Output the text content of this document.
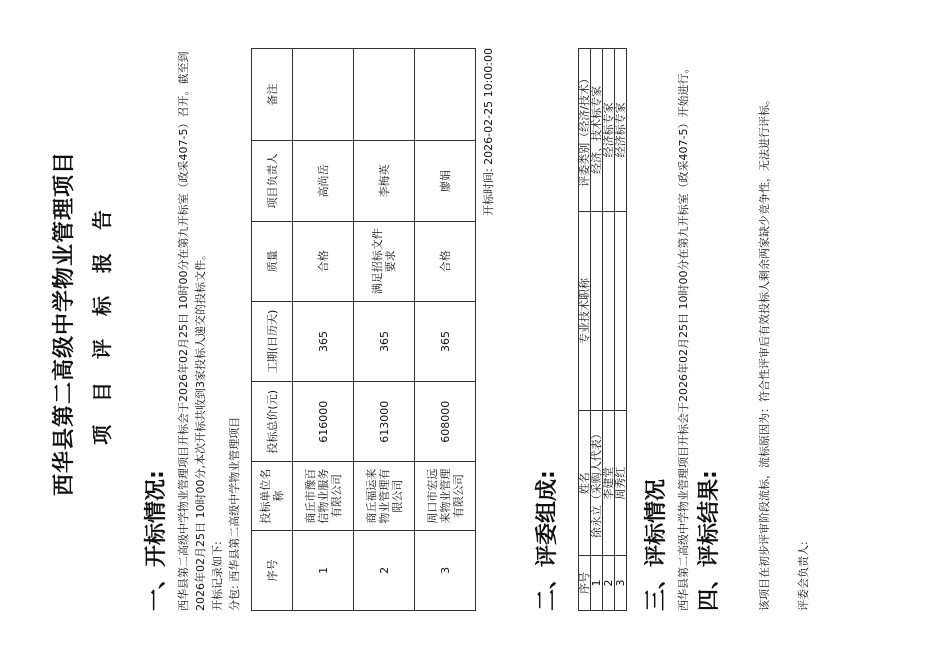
西华县第二高级中学物业管理项目 项 目 评 标 报 告
一、开标情况: 西华县第二高级中学物业管理项目开标会于2026年02月25日 10时00分在第九开标室（政采407-5）召开。截至到2026年02月25日 10时00分,本次开标共收到3家投标人递交的投标文件。 开标记录如下: 分包: 西华县第二高级中学物业管理项目 序号	投标单位名称	投标总价(元)	工期(日历天)	质量	项目负责人	备注
1	商丘市豫百信物业服务有限公司	616000	365	合格	高尚岳	
2	商丘福运来物业管理有限公司	613000	365	满足招标文件要求	李梅英	
3	周口市宏远来物业管理有限公司	608000	365	合格	廖娟		开标时间: 2026-02-25 10:00:00
二、评委组成: 序号	姓名	专业技术职称	评委类别（经济/技术）
1	徐永立（采购人代表）		经济、技术标专家
2	李建堂		经济标专家
3	周秀红		经济标专家
三、评标情况 西华县第二高级中学物业管理项目开标会于2026年02月25日 10时00分在第九开标室（政采407-5）开始进行。 四、评标结果:	该项目在初步评审阶段流标，流标原因为：符合性评审后有效投标人剩余两家缺少竞争性，无法进行评标。 评委会负责人:
